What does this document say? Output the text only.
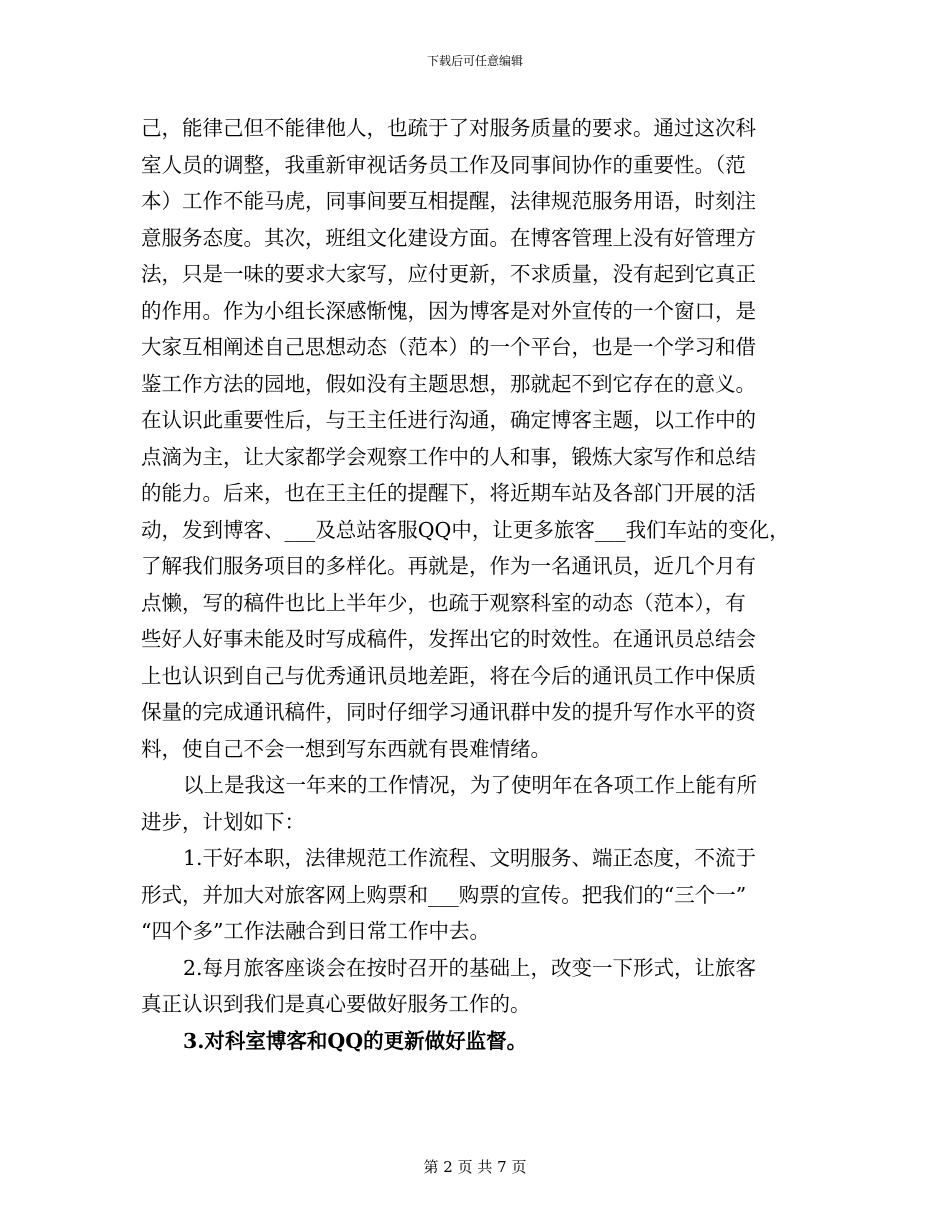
下载后可任意编辑
己，能律己但不能律他人，也疏于了对服务质量的要求。通过这次科
室人员的调整，我重新审视话务员工作及同事间协作的重要性。（范
本）工作不能马虎，同事间要互相提醒，法律规范服务用语，时刻注
意服务态度。其次，班组文化建设方面。在博客管理上没有好管理方
法，只是一味的要求大家写，应付更新，不求质量，没有起到它真正
的作用。作为小组长深感惭愧，因为博客是对外宣传的一个窗口，是
大家互相阐述自己思想动态（范本）的一个平台，也是一个学习和借
鉴工作方法的园地，假如没有主题思想，那就起不到它存在的意义。
在认识此重要性后，与王主任进行沟通，确定博客主题，以工作中的
点滴为主，让大家都学会观察工作中的人和事，锻炼大家写作和总结
的能力。后来，也在王主任的提醒下，将近期车站及各部门开展的活
动，发到博客、___及总站客服QQ中，让更多旅客___我们车站的变化，
了解我们服务项目的多样化。再就是，作为一名通讯员，近几个月有
点懒，写的稿件也比上半年少，也疏于观察科室的动态（范本），有
些好人好事未能及时写成稿件，发挥出它的时效性。在通讯员总结会
上也认识到自己与优秀通讯员地差距，将在今后的通讯员工作中保质
保量的完成通讯稿件，同时仔细学习通讯群中发的提升写作水平的资
料，使自己不会一想到写东西就有畏难情绪。
以上是我这一年来的工作情况，为了使明年在各项工作上能有所
进步，计划如下：
1.干好本职，法律规范工作流程、文明服务、端正态度，不流于
形式，并加大对旅客网上购票和___购票的宣传。把我们的“三个一”
“四个多”工作法融合到日常工作中去。
2.每月旅客座谈会在按时召开的基础上，改变一下形式，让旅客
真正认识到我们是真心要做好服务工作的。
3.对科室博客和QQ的更新做好监督。
第 2 页 共 7 页
